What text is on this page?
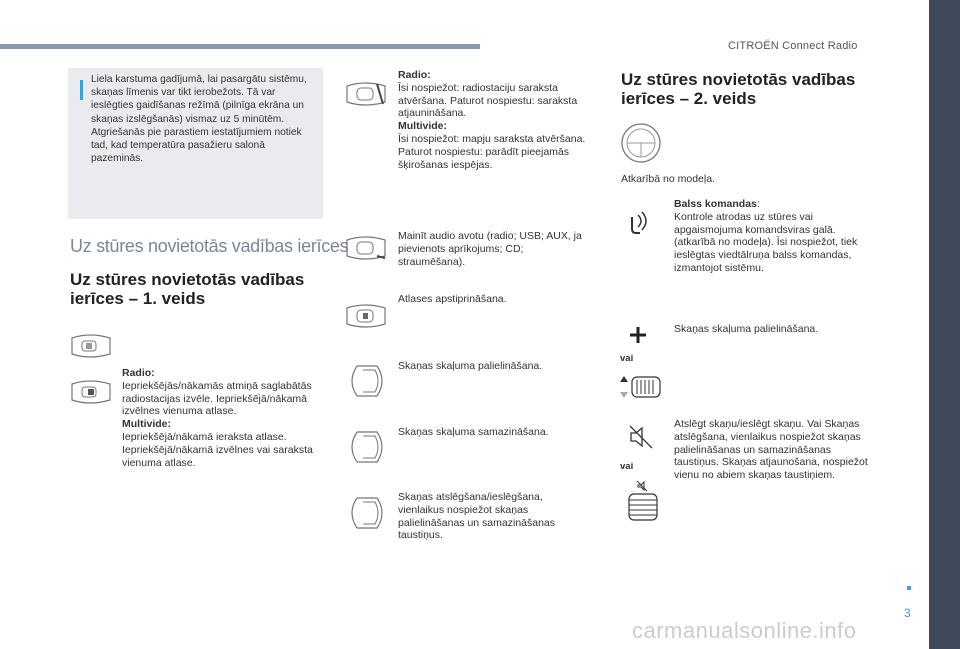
CITROËN Connect Radio
Liela karstuma gadījumā, lai pasargātu sistēmu, skaņas līmenis var tikt ierobežots. Tā var ieslēgties gaidīšanas režīmā (pilnīga ekrāna un skaņas izslēgšanās) vismaz uz 5 minūtēm. Atgriešanās pie parastiem iestatījumiem notiek tad, kad temperatūra pasažieru salonā pazeminās.
Uz stūres novietotās vadības ierīces
Uz stūres novietotās vadības ierīces – 1. veids
Radio:
Iepriekšējās/nākamās atmiņā saglabātās radiostacijas izvēle. Iepriekšējā/nākamā izvēlnes vienuma atlase.
Multivide:
Iepriekšējā/nākamā ieraksta atlase. Iepriekšējā/nākamā izvēlnes vai saraksta vienuma atlase.
Radio:
Īsi nospiežot: radiostaciju saraksta atvēršana. Paturot nospiestu: saraksta atjaunināšana.
Multivide:
Īsi nospiežot: mapju saraksta atvēršana. Paturot nospiestu: parādīt pieejamās šķirošanas iespējas.
Mainīt audio avotu (radio; USB; AUX, ja pievienots aprīkojums; CD; straumēšana).
Atlases apstiprināšana.
Skaņas skaļuma palielināšana.
Skaņas skaļuma samazināšana.
Skaņas atslēgšana/ieslēgšana, vienlaikus nospiežot skaņas palielināšanas un samazināšanas taustiņus.
Uz stūres novietotās vadības ierīces – 2. veids
Atkarībā no modeļa.
Balss komandas:
Kontrole atrodas uz stūres vai apgaismojuma komandsviras galā. (atkarībā no modeļa). Īsi nospiežot, tiek ieslēgtas viedtālruņa balss komandas, izmantojot sistēmu.
Skaņas skaļuma palielināšana.
vai
Atslēgt skaņu/ieslēgt skaņu. Vai Skaņas atslēgšana, vienlaikus nospiežot skaņas palielināšanas un samazināšanas taustiņus. Skaņas atjaunošana, nospiežot vienu no abiem skaņas taustiņiem.
vai
3
carmanualsonline.info
